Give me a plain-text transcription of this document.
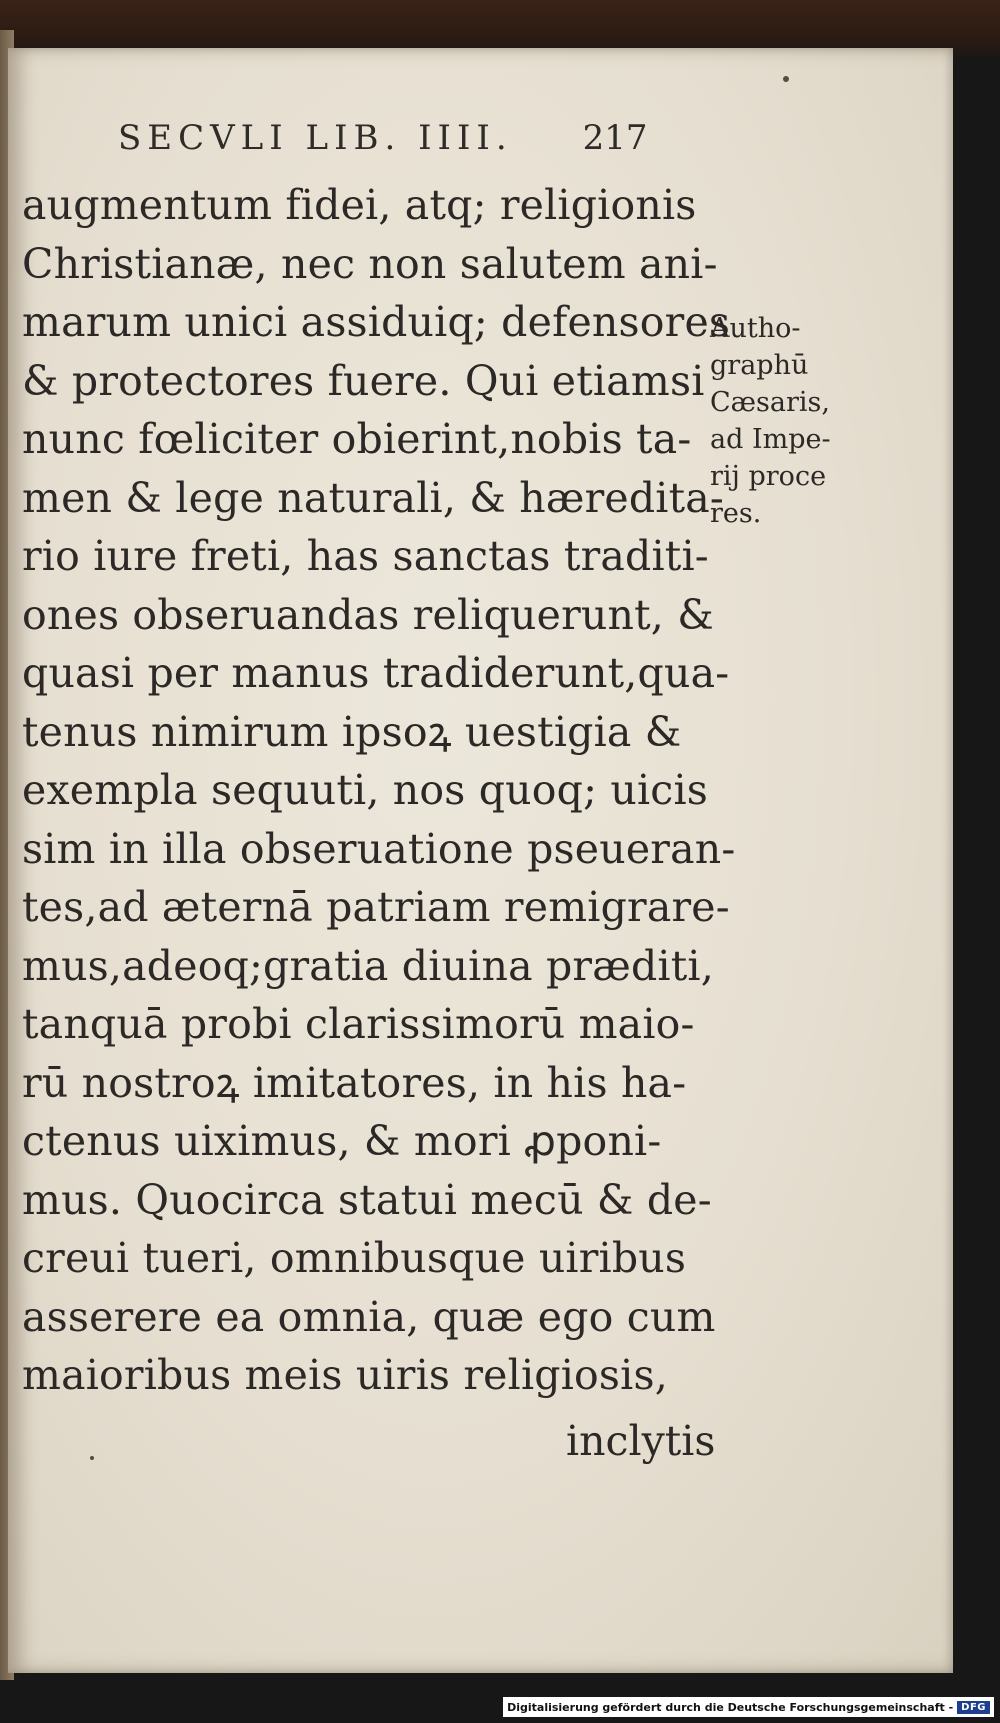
SECVLI LIB. IIII. 217
augmentum fidei, atq; religionis
Christianæ, nec non salutem ani-
marum unici assiduiq; defensores
& protectores fuere. Qui etiamsi
nunc fœliciter obierint,nobis ta-
men & lege naturali, & hæredita-
rio iure freti, has sanctas traditi-
ones obseruandas reliquerunt, &
quasi per manus tradiderunt,qua-
tenus nimirum ipsoꝝ uestigia &
exempla sequuti, nos quoq; uicis
sim in illa obseruatione pseueran-
tes,ad æternā patriam remigrare-
mus,adeoq;gratia diuina præditi,
tanquā probi clarissimorū maio-
rū nostroꝝ imitatores, in his ha-
ctenus uiximus, & mori ꝓponi-
mus. Quocirca statui mecū & de-
creui tueri, omnibusque uiribus
asserere ea omnia, quæ ego cum
maioribus meis uiris religiosis,
inclytis
Autho-
graphū
Cæsaris,
ad Impe-
rij proce
res.
Digitalisierung gefördert durch die Deutsche Forschungsgemeinschaft - DFG
